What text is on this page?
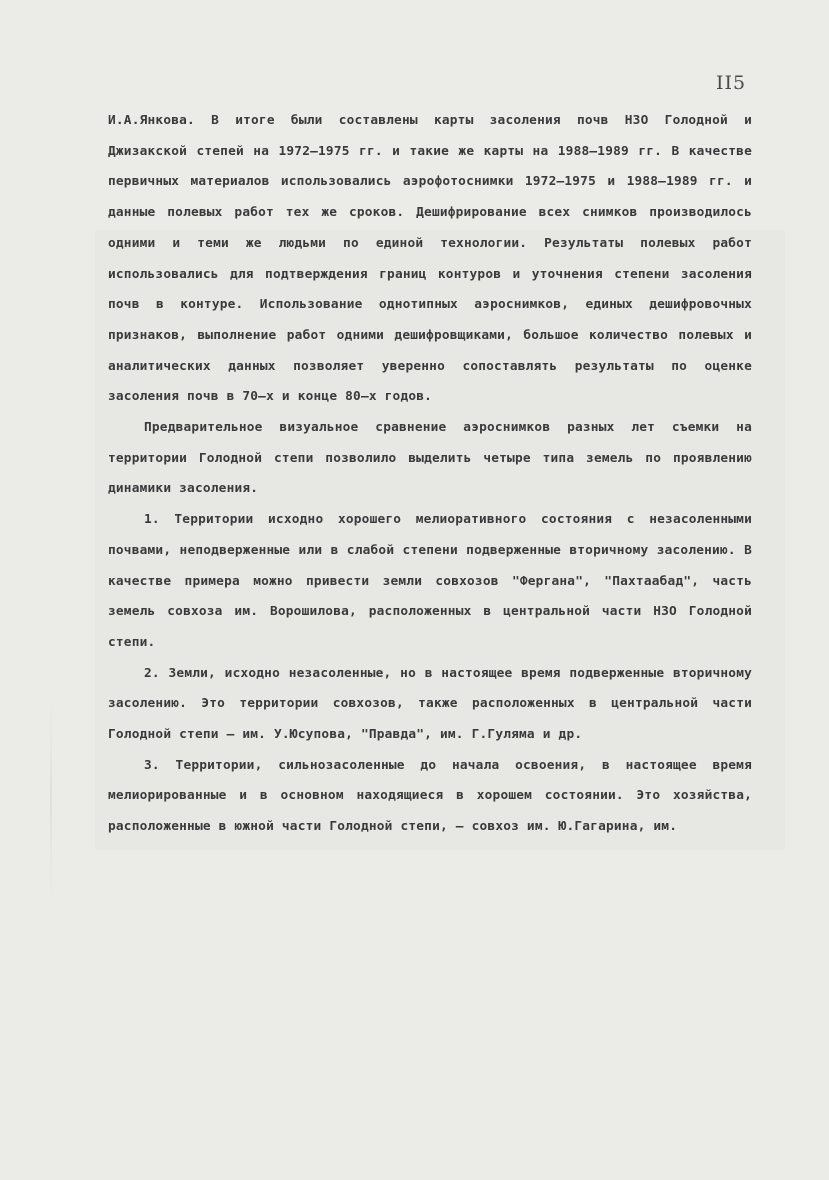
II5

И.А.Янкова. В итоге были составлены карты засоления почв НЗО Голодной и Джизакской степей на 1972–1975 гг. и такие же карты на 1988–1989 гг. В качестве первичных материалов использовались аэрофотоснимки 1972–1975 и 1988–1989 гг. и данные полевых работ тех же сроков. Дешифрирование всех снимков производилось одними и теми же людьми по единой технологии. Результаты полевых работ использовались для подтверждения границ контуров и уточнения степени засоления почв в контуре. Использование однотипных аэроснимков, единых дешифровочных признаков, выполнение работ одними дешифровщиками, большое количество полевых и аналитических данных позволяет уверенно сопоставлять результаты по оценке засоления почв в 70–х и конце 80–х годов.

Предварительное визуальное сравнение аэроснимков разных лет съемки на территории Голодной степи позволило выделить четыре типа земель по проявлению динамики засоления.

1. Территории исходно хорошего мелиоративного состояния с незасоленными почвами, неподверженные или в слабой степени подверженные вторичному засолению. В качестве примера можно привести земли совхозов "Фергана", "Пахтаабад", часть земель совхоза им. Ворошилова, расположенных в центральной части НЗО Голодной степи.

2. Земли, исходно незасоленные, но в настоящее время подверженные вторичному засолению. Это территории совхозов, также расположенных в центральной части Голодной степи – им. У.Юсупова, "Правда", им. Г.Гуляма и др.

3. Территории, сильнозасоленные до начала освоения, в настоящее время мелиорированные и в основном находящиеся в хорошем состоянии. Это хозяйства, расположенные в южной части Голодной степи, – совхоз им. Ю.Гагарина, им.
